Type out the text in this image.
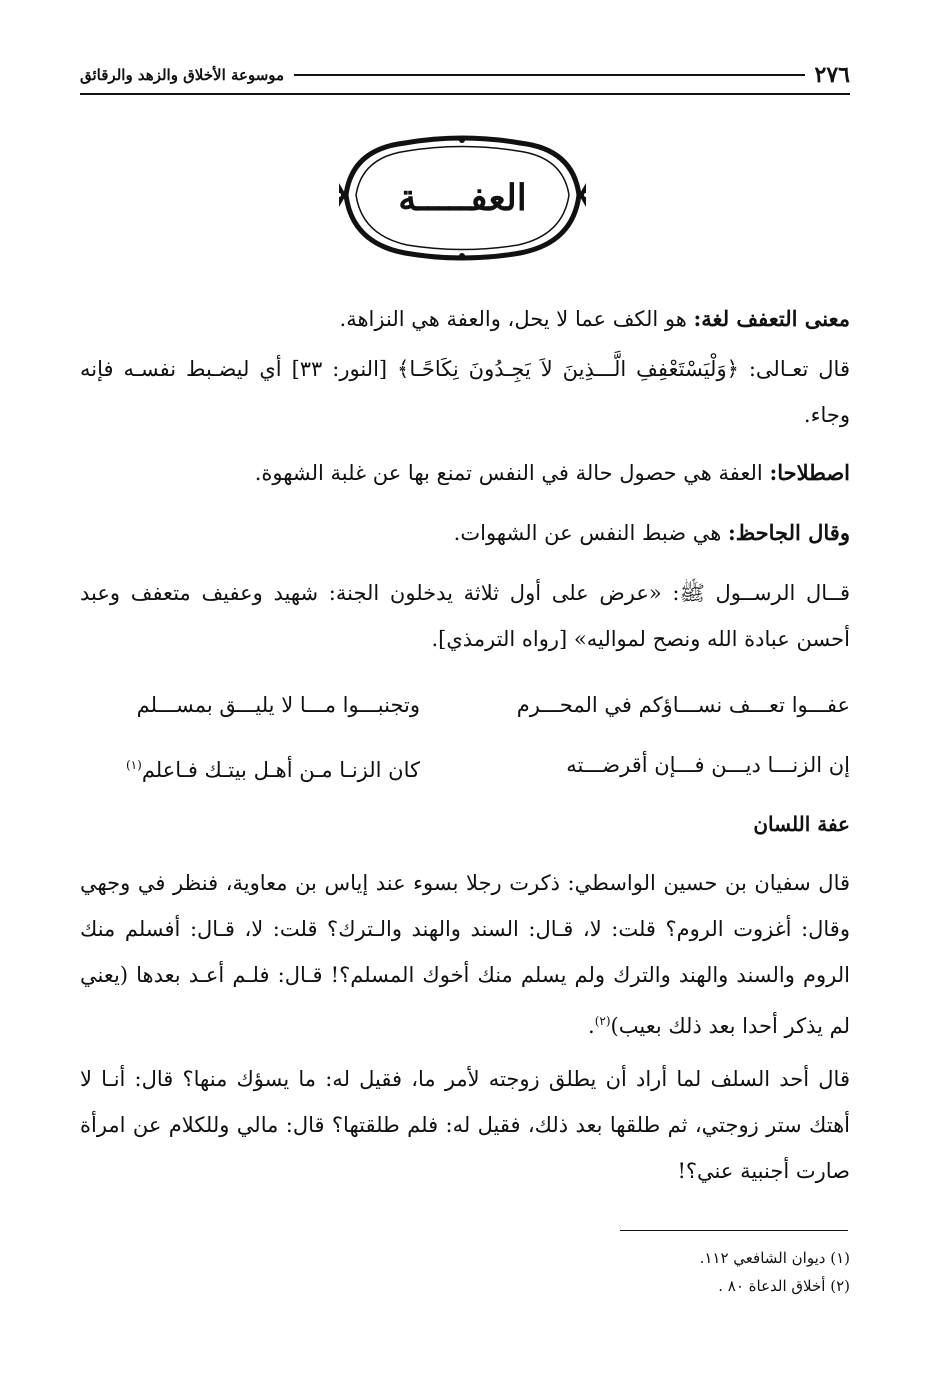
٢٧٦
موسوعة الأخلاق والزهد والرقائق
العفـــــة

معنى التعفف لغة: هو الكف عما لا يحل، والعفة هي النزاهة.

قال تعـالى: ﴿وَلْيَسْتَعْفِفِ الَّـــذِينَ لاَ يَجِـدُونَ نِكَاحًـا﴾ [النور: ٣٣] أي ليضـبط نفسـه فإنه وجاء.

اصطلاحا: العفة هي حصول حالة في النفس تمنع بها عن غلبة الشهوة.

وقال الجاحظ: هي ضبط النفس عن الشهوات.

قــال الرســول ﷺ: «عرض على أول ثلاثة يدخلون الجنة: شهيد وعفيف متعفف وعبد أحسن عبادة الله ونصح لمواليه» [رواه الترمذي].

عفـــوا تعـــف نســـاؤكم في المحـــرم
وتجنبـــوا مـــا لا يليـــق بمســـلم
إن الزنـــا ديـــن فـــإن أقرضـــته
كان الزنـا مـن أهـل بيتـك فـاعلم$^{(١)}$
عفة اللسان

قال سفيان بن حسين الواسطي: ذكرت رجلا بسوء عند إياس بن معاوية، فنظر في وجهي وقال: أغزوت الروم؟ قلت: لا، قـال: السند والهند والـترك؟ قلت: لا، قـال: أفسلم منك الروم والسند والهند والترك ولم يسلم منك أخوك المسلم؟! قـال: فلـم أعـد بعدها (يعني لم يذكر أحدا بعد ذلك بعيب)$^{(٢)}$.

قال أحد السلف لما أراد أن يطلق زوجته لأمر ما، فقيل له: ما يسؤك منها؟ قال: أنـا لا أهتك ستر زوجتي، ثم طلقها بعد ذلك، فقيل له: فلم طلقتها؟ قال: مالي وللكلام عن امرأة صارت أجنبية عني؟!

(١) ديوان الشافعي ١١٢.
(٢) أخلاق الدعاة ٨٠ .
